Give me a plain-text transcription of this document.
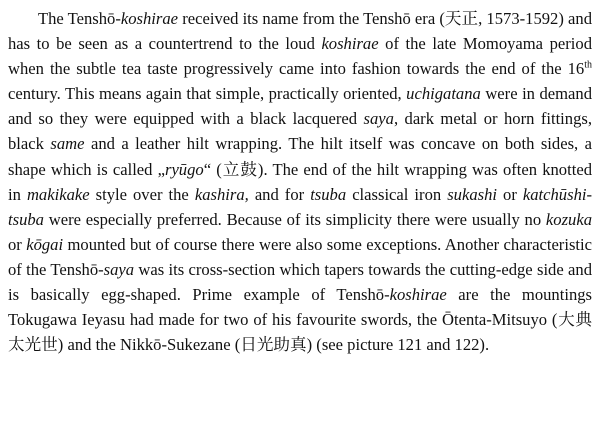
The Tenshō-koshirae received its name from the Tenshō era (天正, 1573-1592) and has to be seen as a countertrend to the loud koshirae of the late Momoyama period when the subtle tea taste progressively came into fashion towards the end of the 16th century. This means again that simple, practically oriented, uchigatana were in demand and so they were equipped with a black lacquered saya, dark metal or horn fittings, black same and a leather hilt wrapping. The hilt itself was concave on both sides, a shape which is called „ryūgo“ (立鼓). The end of the hilt wrapping was often knotted in makikake style over the kashira, and for tsuba classical iron sukashi or katchūshi-tsuba were especially preferred. Because of its simplicity there were usually no kozuka or kōgai mounted but of course there were also some exceptions. Another characteristic of the Tenshō-saya was its cross-section which tapers towards the cutting-edge side and is basically egg-shaped. Prime example of Tenshō-koshirae are the mountings Tokugawa Ieyasu had made for two of his favourite swords, the Ōtenta-Mitsuyo (大典太光世) and the Nikkō-Sukezane (日光助真) (see picture 121 and 122).
